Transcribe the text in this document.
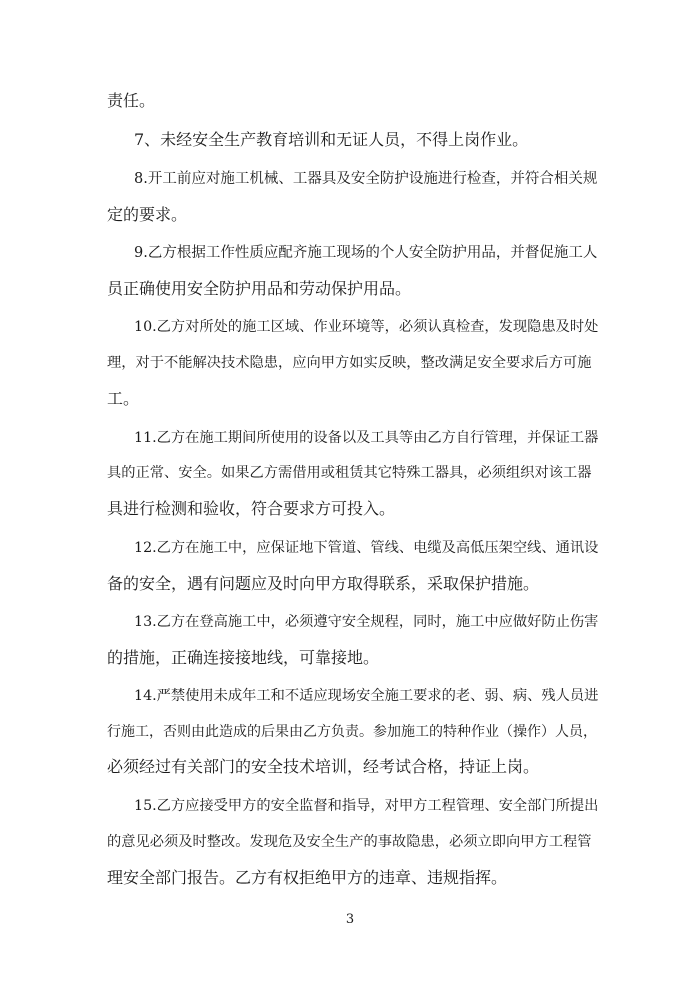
责任。
7、未经安全生产教育培训和无证人员，不得上岗作业。
8.开工前应对施工机械、工器具及安全防护设施进行检查，并符合相关规
定的要求。
9.乙方根据工作性质应配齐施工现场的个人安全防护用品，并督促施工人
员正确使用安全防护用品和劳动保护用品。
10.乙方对所处的施工区域、作业环境等，必须认真检查，发现隐患及时处
理，对于不能解决技术隐患，应向甲方如实反映，整改满足安全要求后方可施
工。
11.乙方在施工期间所使用的设备以及工具等由乙方自行管理，并保证工器
具的正常、安全。如果乙方需借用或租赁其它特殊工器具，必须组织对该工器
具进行检测和验收，符合要求方可投入。
12.乙方在施工中，应保证地下管道、管线、电缆及高低压架空线、通讯设
备的安全，遇有问题应及时向甲方取得联系，采取保护措施。
13.乙方在登高施工中，必须遵守安全规程，同时，施工中应做好防止伤害
的措施，正确连接接地线，可靠接地。
14.严禁使用未成年工和不适应现场安全施工要求的老、弱、病、残人员进
行施工，否则由此造成的后果由乙方负责。参加施工的特种作业（操作）人员，
必须经过有关部门的安全技术培训，经考试合格，持证上岗。
15.乙方应接受甲方的安全监督和指导，对甲方工程管理、安全部门所提出
的意见必须及时整改。发现危及安全生产的事故隐患，必须立即向甲方工程管
理安全部门报告。乙方有权拒绝甲方的违章、违规指挥。
3
